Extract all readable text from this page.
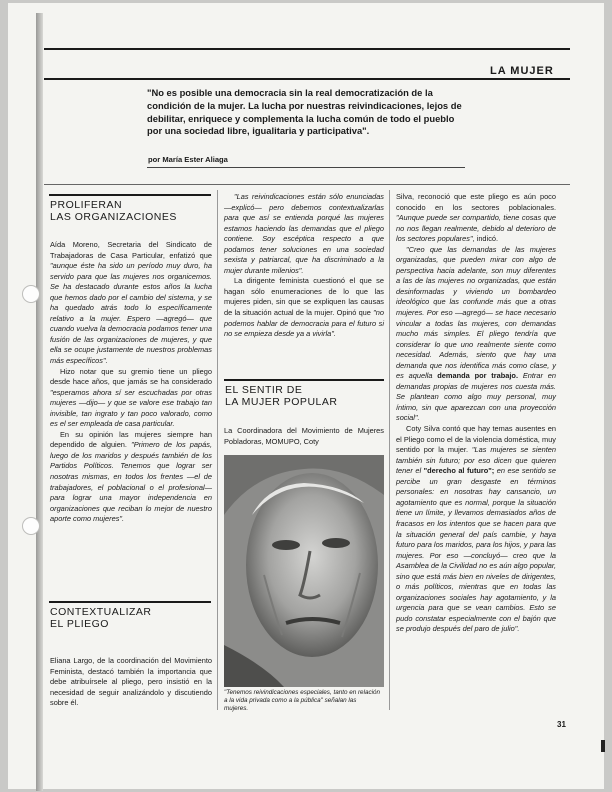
LA MUJER
"No es posible una democracia sin la real democratización de la condición de la mujer. La lucha por nuestras reivindicaciones, lejos de debilitar, enriquece y complementa la lucha común de todo el pueblo por una sociedad libre, igualitaria y participativa".
por María Ester Aliaga
PROLIFERAN
LAS ORGANIZACIONES

Aída Moreno, Secretaria del Sindicato de Trabajadoras de Casa Particular, enfatizó que "aunque éste ha sido un período muy duro, ha servido para que las mujeres nos organicemos. Se ha destacado durante estos años la lucha que hemos dado por el cambio del sistema, y se ha quedado atrás todo lo específicamente relativo a la mujer. Espero —agregó— que cuando vuelva la democracia podamos tener una fusión de las organizaciones de mujeres, y que ella se ocupe justamente de nuestros problemas más específicos".

Hizo notar que su gremio tiene un pliego desde hace años, que jamás se ha considerado "esperamos ahora sí ser escuchadas por otras mujeres —dijo— y que se valore ese trabajo tan invisible, tan ingrato y tan poco valorado, como es el ser empleada de casa particular.

En su opinión las mujeres siempre han dependido de alguien. "Primero de los papás, luego de los maridos y después también de los Partidos Políticos. Tenemos que lograr ser nosotras mismas, en todos los frentes —el de trabajadores, el poblacional o el profesional— para lograr una mayor independencia en organizaciones que reciban lo mejor de nuestro aporte como mujeres".

CONTEXTUALIZAR
EL PLIEGO

Eliana Largo, de la coordinación del Movimiento Feminista, destacó también la importancia que debe atribuírsele al pliego, pero insistió en la necesidad de seguir analizándolo y discutiendo sobre él.

"Las reivindicaciones están sólo enunciadas —explicó— pero debemos contextualizarlas para que así se entienda porqué las mujeres estamos haciendo las demandas que el pliego contiene. Soy escéptica respecto a que podamos tener soluciones en una sociedad sexista y patriarcal, que ha discriminado a la mujer durante milenios".

La dirigente feminista cuestionó el que se hagan sólo enumeraciones de lo que las mujeres piden, sin que se expliquen las causas de la situación actual de la mujer. Opinó que "no podemos hablar de democracia para el futuro si no se empieza desde ya a vivirla".

EL SENTIR DE
LA MUJER POPULAR

La Coordinadora del Movimiento de Mujeres Pobladoras, MOMUPO, Coty

"Tenemos reivindicaciones especiales, tanto en relación a la vida privada como a la pública" señalan las mujeres.

Silva, reconoció que este pliego es aún poco conocido en los sectores poblacionales. "Aunque puede ser compartido, tiene cosas que no nos llegan realmente, debido al deterioro de los sectores populares", indicó.

"Creo que las demandas de las mujeres organizadas, que pueden mirar con algo de perspectiva hacia adelante, son muy diferentes a las de las mujeres no organizadas, que están desinformadas y viviendo un bombardeo ideológico que las confunde más que a otras mujeres. Por eso —agregó— se hace necesario vincular a todas las mujeres, con demandas mucho más simples. El pliego tendría que considerar lo que uno realmente siente como necesidad. Además, siento que hay una demanda que nos identifica más como clase, y es aquella demanda por trabajo. Entrar en demandas propias de mujeres nos cuesta más. Se plantean como algo muy personal, muy íntimo, sin que aparezcan con una proyección social".

Coty Silva contó que hay temas ausentes en el Pliego como el de la violencia doméstica, muy sentido por la mujer. "Las mujeres se sienten también sin futuro; por eso dicen que quieren tener el "derecho al futuro"; en ese sentido se percibe un gran desgaste en términos personales: en nosotras hay cansancio, un agotamiento que es normal, porque la situación tiene un límite, y llevamos demasiados años de fracasos en los intentos que se hacen para que la situación general del país cambie, y haya futuro para los maridos, para los hijos, y para las mujeres. Por eso —concluyó— creo que la Asamblea de la Civilidad no es aún algo popular, sino que está más bien en niveles de dirigentes, o más políticos, mientras que en todas las organizaciones sociales hay agotamiento, y la urgencia para que se vean cambios. Esto se pudo constatar especialmente con el bajón que se produjo después del paro de julio".

31
